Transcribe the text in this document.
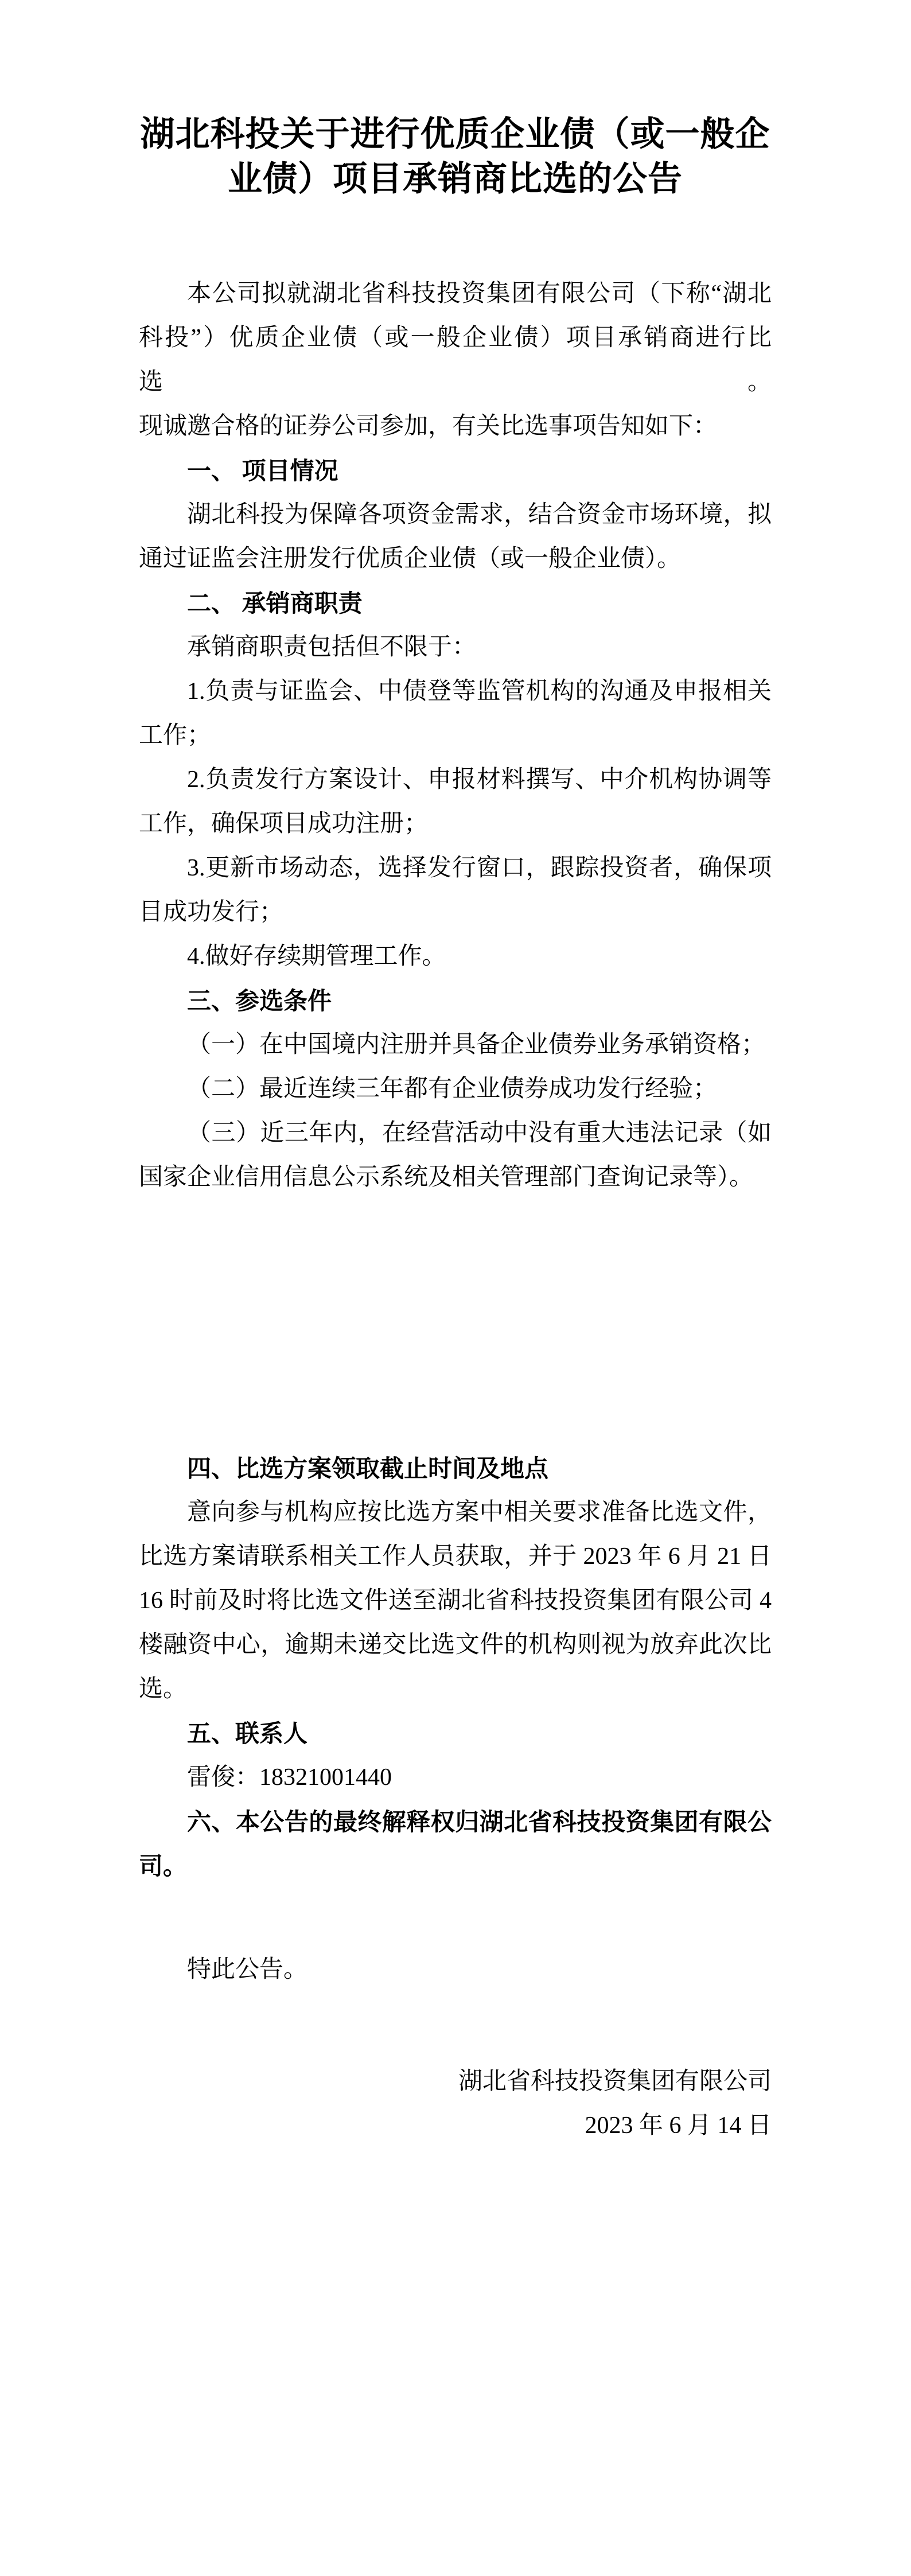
湖北科投关于进行优质企业债（或一般企
业债）项目承销商比选的公告
本公司拟就湖北省科技投资集团有限公司（下称“湖北
科投”）优质企业债（或一般企业债）项目承销商进行比选。
现诚邀合格的证券公司参加，有关比选事项告知如下：
一、 项目情况
湖北科投为保障各项资金需求，结合资金市场环境，拟
通过证监会注册发行优质企业债（或一般企业债）。
二、 承销商职责
承销商职责包括但不限于：
1.负责与证监会、中债登等监管机构的沟通及申报相关
工作；
2.负责发行方案设计、申报材料撰写、中介机构协调等
工作，确保项目成功注册；
3.更新市场动态，选择发行窗口，跟踪投资者，确保项
目成功发行；
4.做好存续期管理工作。
三、参选条件
（一）在中国境内注册并具备企业债券业务承销资格；
（二）最近连续三年都有企业债券成功发行经验；
（三）近三年内，在经营活动中没有重大违法记录（如
国家企业信用信息公示系统及相关管理部门查询记录等）。
四、比选方案领取截止时间及地点
意向参与机构应按比选方案中相关要求准备比选文件，
比选方案请联系相关工作人员获取，并于 2023 年 6 月 21 日
16 时前及时将比选文件送至湖北省科技投资集团有限公司 4
楼融资中心，逾期未递交比选文件的机构则视为放弃此次比
选。
五、联系人
雷俊：18321001440
六、本公告的最终解释权归湖北省科技投资集团有限公
司。
特此公告。
湖北省科技投资集团有限公司
2023 年 6 月 14 日
